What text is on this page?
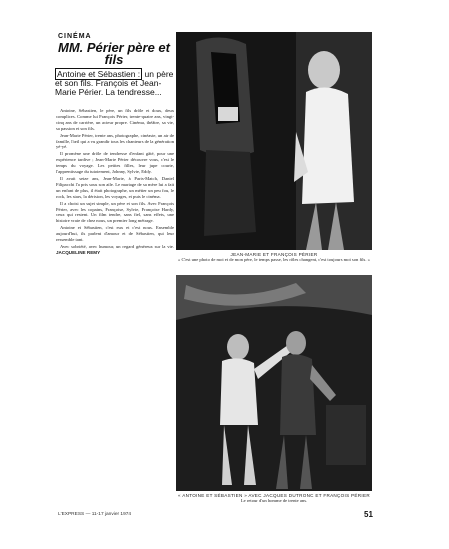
CINÉMA
MM. Périer père et fils
Antoine et Sébastien : un père et son fils. François et Jean-Marie Périer. La tendresse...

Antoine, Sébastien, le père, un fils drôle et doux, deux complices. Comme lui François Périer, trente-quatre ans, vingt-cinq ans de carrière, un acteur propre. Cinéma, théâtre, sa vie, sa passion et son fils.

Jean-Marie Périer, trente ans, photographe, cinéaste, un air de famille, l'œil qui a vu grandir tous les chanteurs de la génération yé-yé.

Il promène une drôle de tendresse d'enfant gâté, pour une expérience tardive ; Jean-Marie Périer découvre vous, c'est le temps du voyage. Les petites filles, leur jupe courte, l'apprentissage du tutoiement, Johnny, Sylvie, Eddy.

Il avait seize ans, Jean-Marie, à Paris-Match, Daniel Filipacchi l'a pris sous son aile. Le mariage de sa mère lui a fait un enfant de plus, il était photographe, un métier un peu fou, le rock, les stars, la dérision, les voyages, et puis le cinéma.

Il a choisi un sujet simple, un père et son fils. Avec François Périer, avec les copains, Françoise, Sylvie, Françoise Hardy, ceux qui restent. Un film tendre, sans fiel, sans effets, une histoire vraie de chez nous, un premier long métrage.

Antoine et Sébastien, c'est eux et c'est nous. Ensemble aujourd'hui, ils parlent d'amour et de Sébastien, qui leur ressemble tant.

Avec sobriété, avec humour, un regard généreux sur la vie. JACQUELINE REMY	JEAN-MARIE ET FRANÇOIS PÉRIER
« C'est une photo de moi et de mon père, le temps passe, les rôles changent, c'est toujours moi son fils. »
« ANTOINE ET SÉBASTIEN » AVEC JACQUES DUTRONC ET FRANÇOIS PÉRIER
Le retour d'un homme de trente ans.
L'EXPRESS — 11-17 janvier 1974	51
